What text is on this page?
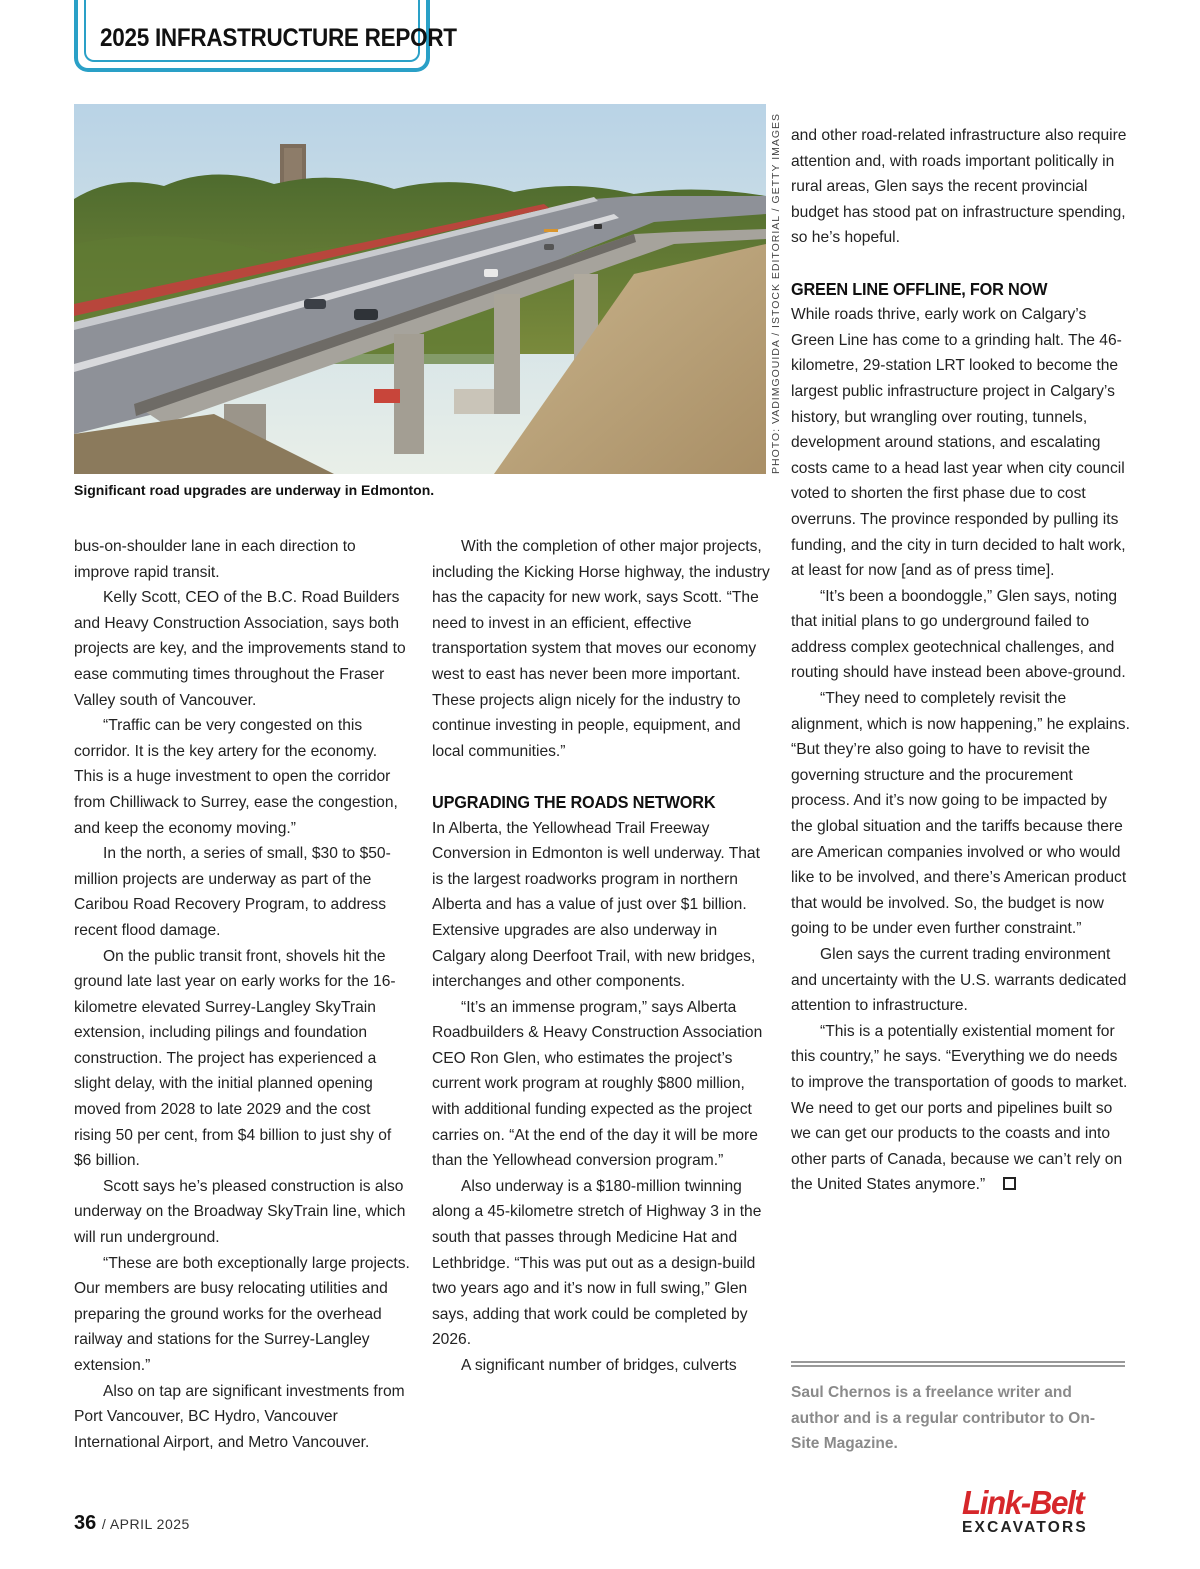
2025 INFRASTRUCTURE REPORT
PHOTO: VADIMGOUIDA / ISTOCK EDITORIAL / GETTY IMAGES
Significant road upgrades are underway in Edmonton.

bus-on-shoulder lane in each direction to improve rapid transit.

Kelly Scott, CEO of the B.C. Road Builders and Heavy Construction Association, says both projects are key, and the improvements stand to ease commuting times throughout the Fraser Valley south of Vancouver.

“Traffic can be very congested on this corridor. It is the key artery for the economy. This is a huge investment to open the corridor from Chilliwack to Surrey, ease the congestion, and keep the economy moving.”

In the north, a series of small, $30 to $50-million projects are underway as part of the Caribou Road Recovery Program, to address recent flood damage.

On the public transit front, shovels hit the ground late last year on early works for the 16-kilometre elevated Surrey-Langley SkyTrain extension, including pilings and foundation construction. The project has experienced a slight delay, with the initial planned opening moved from 2028 to late 2029 and the cost rising 50 per cent, from $4 billion to just shy of $6 billion.

Scott says he’s pleased construction is also underway on the Broadway SkyTrain line, which will run underground.

“These are both exceptionally large projects. Our members are busy relocating utilities and preparing the ground works for the overhead railway and stations for the Surrey-Langley extension.”

Also on tap are significant investments from Port Vancouver, BC Hydro, Vancouver International Airport, and Metro Vancouver.

With the completion of other major projects, including the Kicking Horse highway, the industry has the capacity for new work, says Scott. “The need to invest in an efficient, effective transportation system that moves our economy west to east has never been more important. These projects align nicely for the industry to continue investing in people, equipment, and local communities.”

UPGRADING THE ROADS NETWORK

In Alberta, the Yellowhead Trail Freeway Conversion in Edmonton is well underway. That is the largest roadworks program in northern Alberta and has a value of just over $1 billion. Extensive upgrades are also underway in Calgary along Deerfoot Trail, with new bridges, interchanges and other components.

“It’s an immense program,” says Alberta Roadbuilders & Heavy Construction Association CEO Ron Glen, who estimates the project’s current work program at roughly $800 million, with additional funding expected as the project carries on. “At the end of the day it will be more than the Yellowhead conversion program.”

Also underway is a $180-million twinning along a 45-kilometre stretch of Highway 3 in the south that passes through Medicine Hat and Lethbridge. “This was put out as a design-build two years ago and it’s now in full swing,” Glen says, adding that work could be completed by 2026.

A significant number of bridges, culverts

and other road-related infrastructure also require attention and, with roads important politically in rural areas, Glen says the recent provincial budget has stood pat on infrastructure spending, so he’s hopeful.

GREEN LINE OFFLINE, FOR NOW

While roads thrive, early work on Calgary’s Green Line has come to a grinding halt. The 46-kilometre, 29-station LRT looked to become the largest public infrastructure project in Calgary’s history, but wrangling over routing, tunnels, development around stations, and escalating costs came to a head last year when city council voted to shorten the first phase due to cost overruns. The province responded by pulling its funding, and the city in turn decided to halt work, at least for now [and as of press time].

“It’s been a boondoggle,” Glen says, noting that initial plans to go underground failed to address complex geotechnical challenges, and routing should have instead been above-ground.

“They need to completely revisit the alignment, which is now happening,” he explains. “But they’re also going to have to revisit the governing structure and the procurement process. And it’s now going to be impacted by the global situation and the tariffs because there are American companies involved or who would like to be involved, and there’s American product that would be involved. So, the budget is now going to be under even further constraint.”

Glen says the current trading environment and uncertainty with the U.S. warrants dedicated attention to infrastructure.

“This is a potentially existential moment for this country,” he says. “Everything we do needs to improve the transportation of goods to market. We need to get our ports and pipelines built so we can get our products to the coasts and into other parts of Canada, because we can’t rely on the United States anymore.”

Saul Chernos is a freelance writer and author and is a regular contributor to On-Site Magazine.
36 / APRIL 2025
Link-Belt
EXCAVATORS
